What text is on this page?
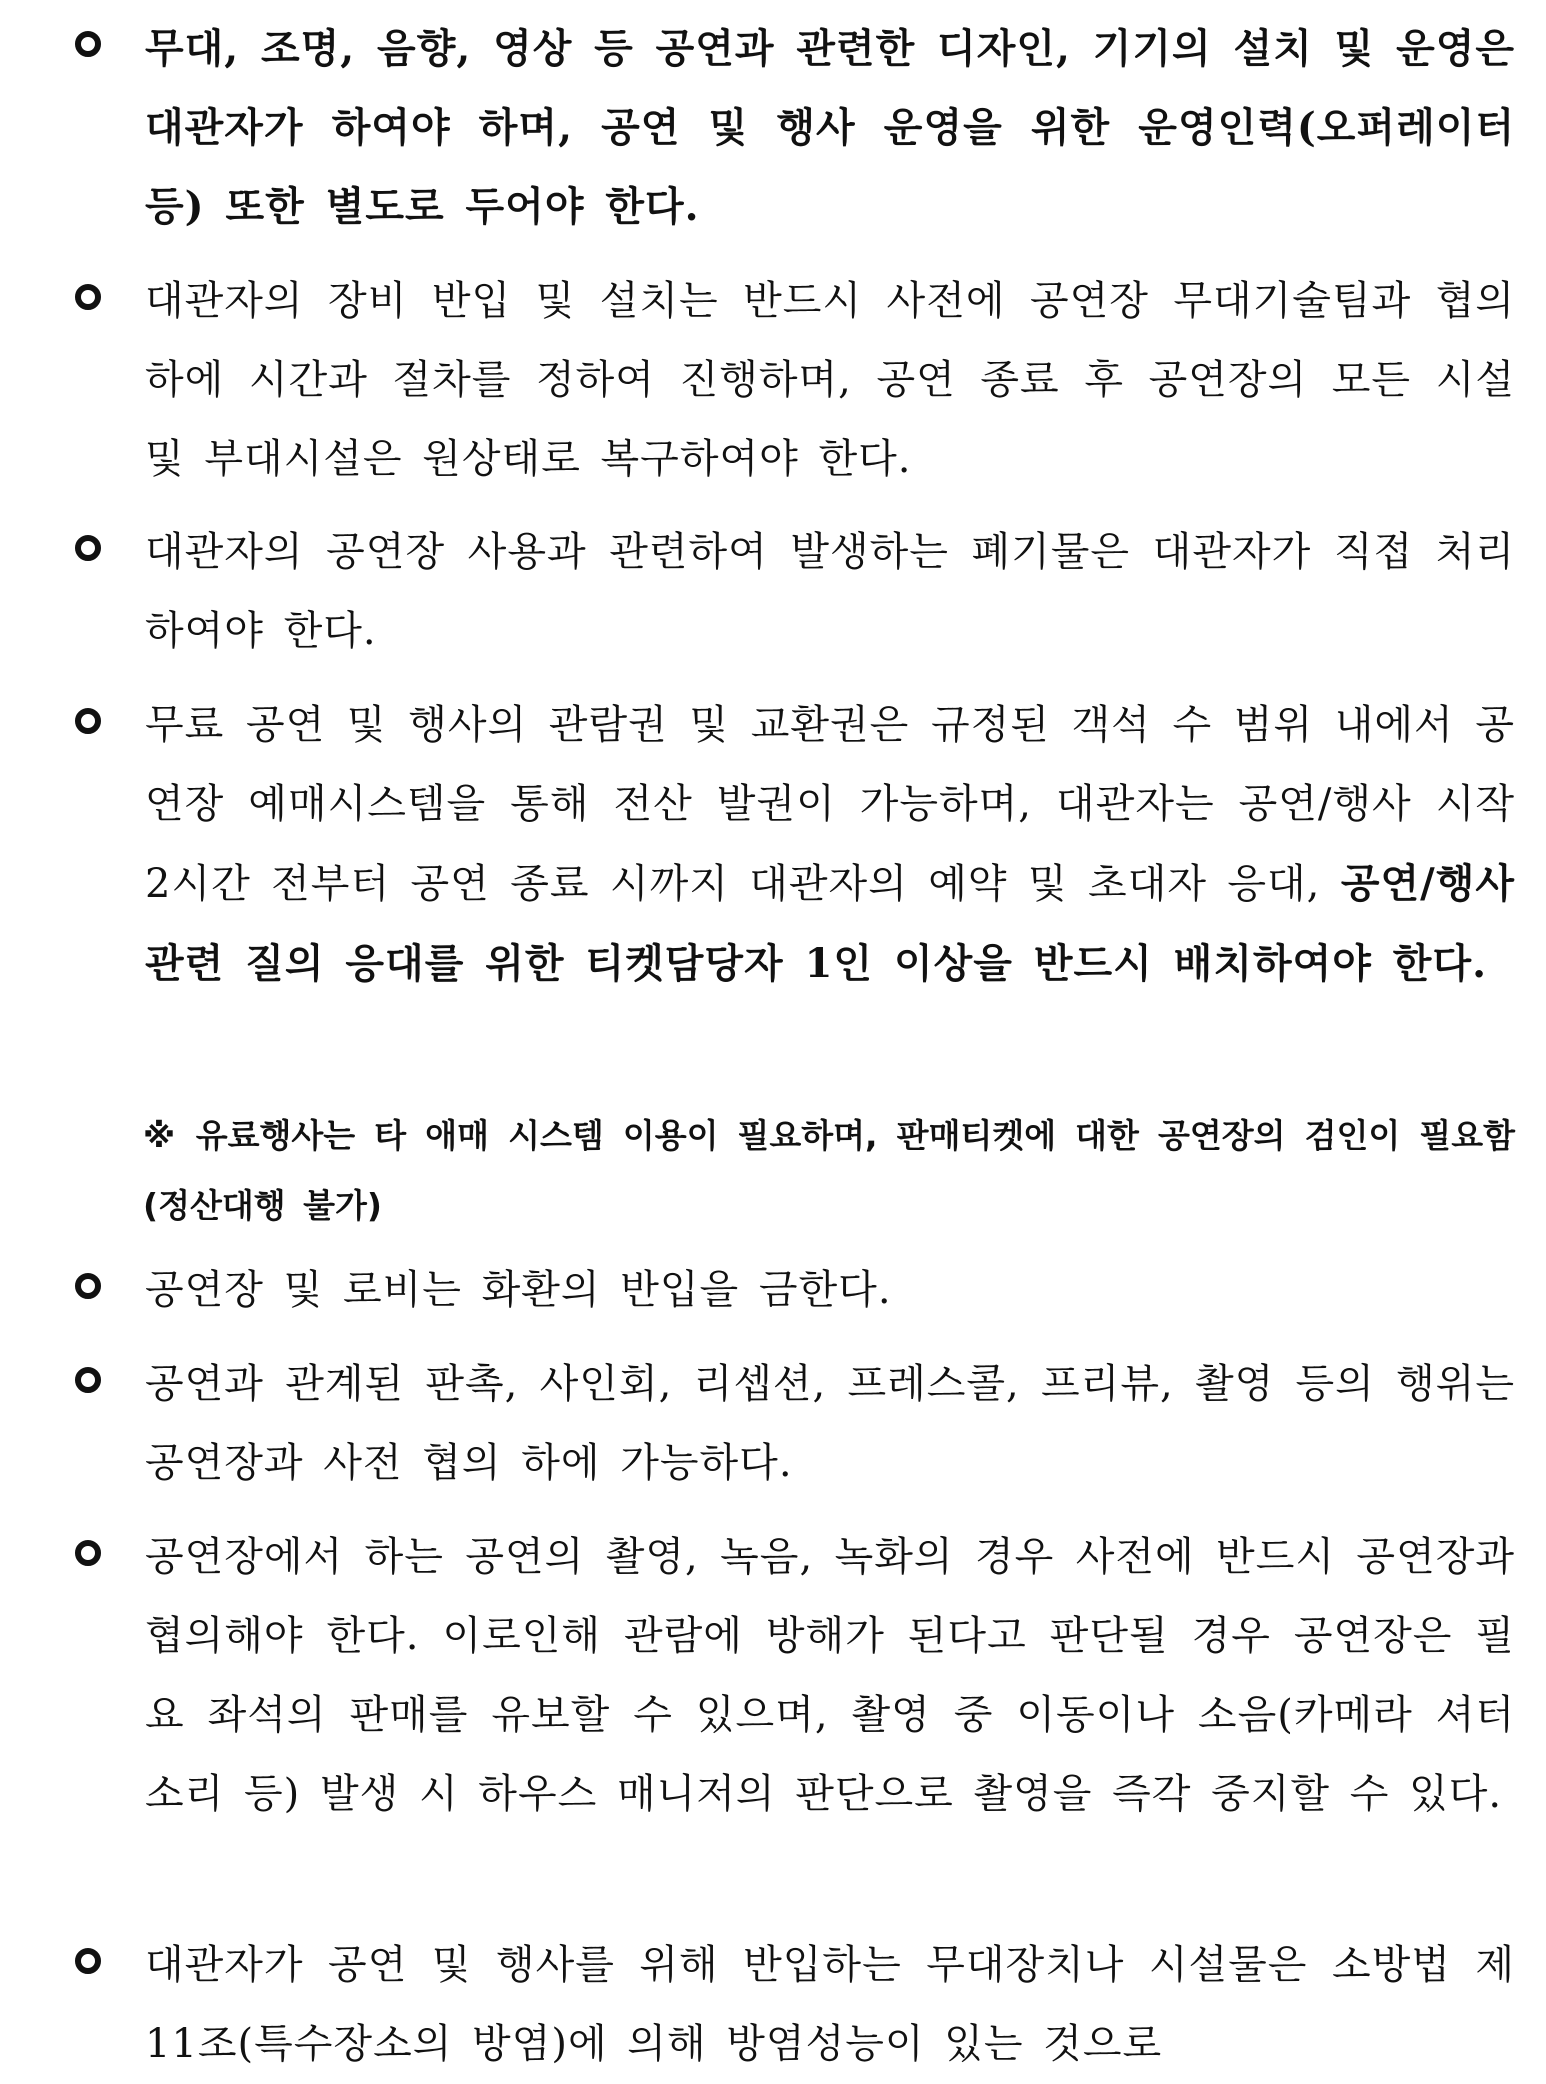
무대, 조명, 음향, 영상 등 공연과 관련한 디자인, 기기의 설치 및 운영은 대관자가 하여야 하며, 공연 및 행사 운영을 위한 운영인력(오퍼레이터 등) 또한 별도로 두어야 한다.
대관자의 장비 반입 및 설치는 반드시 사전에 공연장 무대기술팀과 협의 하에 시간과 절차를 정하여 진행하며, 공연 종료 후 공연장의 모든 시설 및 부대시설은 원상태로 복구하여야 한다.
대관자의 공연장 사용과 관련하여 발생하는 폐기물은 대관자가 직접 처리하여야 한다.
무료 공연 및 행사의 관람권 및 교환권은 규정된 객석 수 범위 내에서 공연장 예매시스템을 통해 전산 발권이 가능하며, 대관자는 공연/행사 시작 2시간 전부터 공연 종료 시까지 대관자의 예약 및 초대자 응대, 공연/행사 관련 질의 응대를 위한 티켓담당자 1인 이상을 반드시 배치하여야 한다.
※ 유료행사는 타 애매 시스템 이용이 필요하며, 판매티켓에 대한 공연장의 검인이 필요함(정산대행 불가)
공연장 및 로비는 화환의 반입을 금한다.
공연과 관계된 판촉, 사인회, 리셉션, 프레스콜, 프리뷰, 촬영 등의 행위는 공연장과 사전 협의 하에 가능하다.
공연장에서 하는 공연의 촬영, 녹음, 녹화의 경우 사전에 반드시 공연장과 협의해야 한다. 이로인해 관람에 방해가 된다고 판단될 경우 공연장은 필요 좌석의 판매를 유보할 수 있으며, 촬영 중 이동이나 소음(카메라 셔터 소리 등) 발생 시 하우스 매니저의 판단으로 촬영을 즉각 중지할 수 있다.
대관자가 공연 및 행사를 위해 반입하는 무대장치나 시설물은 소방법 제11조(특수장소의 방염)에 의해 방염성능이 있는 것으로
